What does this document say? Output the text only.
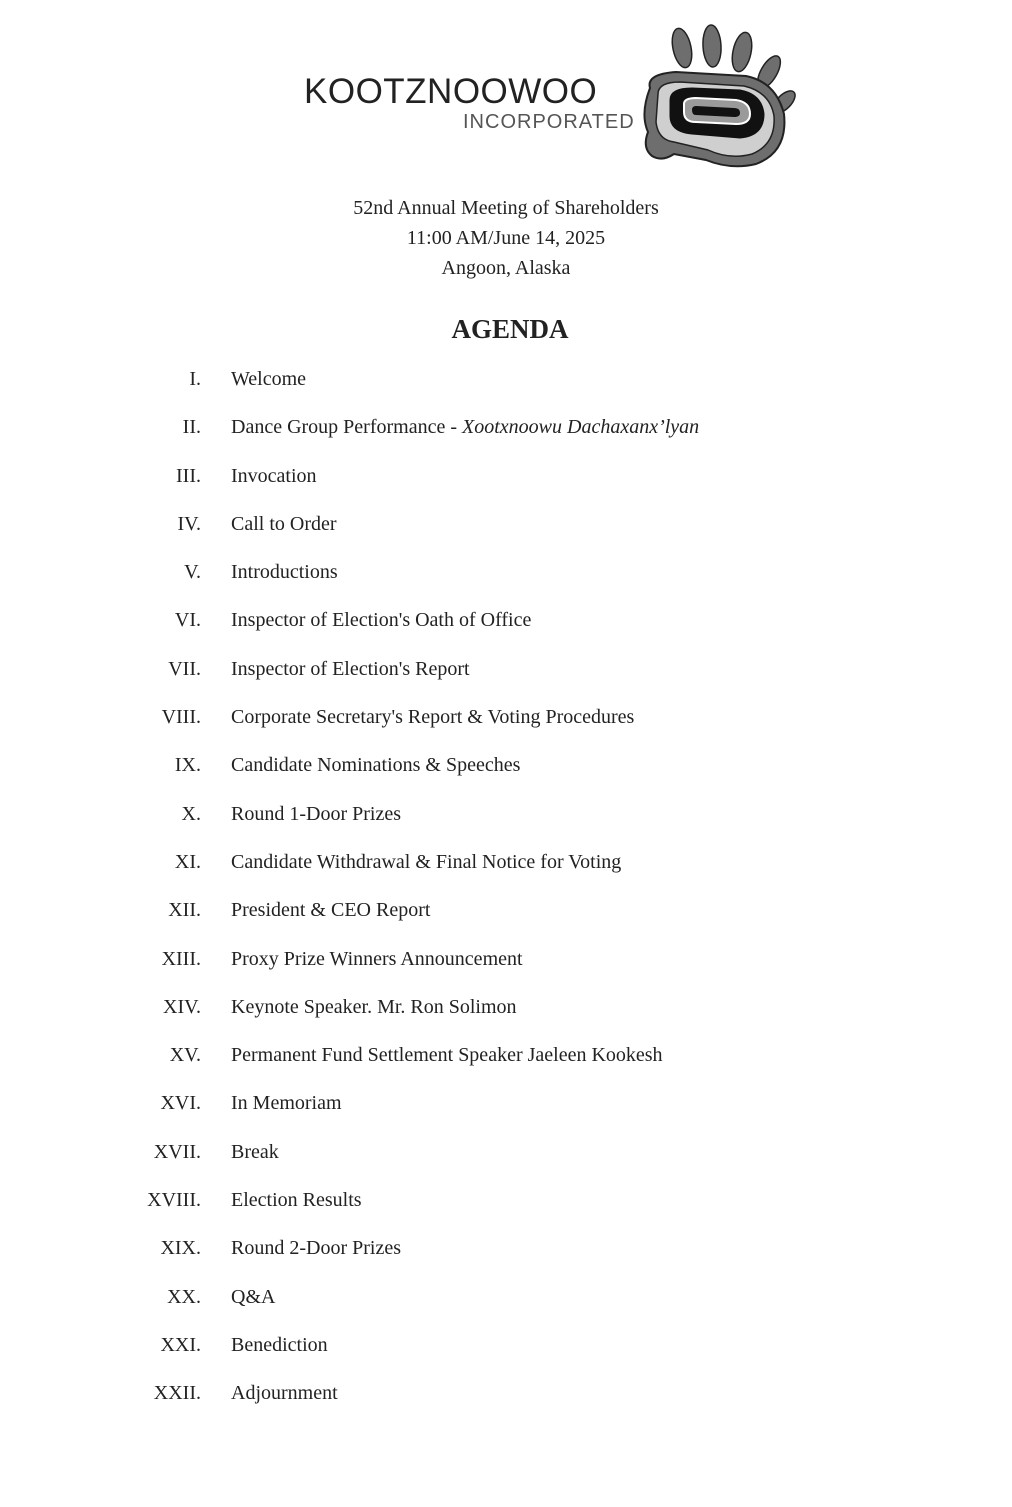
KOOTZNOOWOO
INCORPORATED
52nd Annual Meeting of Shareholders
11:00 AM/June 14, 2025
Angoon, Alaska
AGENDA
I. Welcome
II. Dance Group Performance - Xootxnoowu Dachaxanx’lyan
III. Invocation
IV. Call to Order
V. Introductions
VI. Inspector of Election's Oath of Office
VII. Inspector of Election's Report
VIII. Corporate Secretary's Report & Voting Procedures
IX. Candidate Nominations & Speeches
X. Round 1-Door Prizes
XI. Candidate Withdrawal & Final Notice for Voting
XII. President & CEO Report
XIII. Proxy Prize Winners Announcement
XIV. Keynote Speaker. Mr. Ron Solimon
XV. Permanent Fund Settlement Speaker Jaeleen Kookesh
XVI. In Memoriam
XVII. Break
XVIII. Election Results
XIX. Round 2-Door Prizes
XX. Q&A
XXI. Benediction
XXII. Adjournment
